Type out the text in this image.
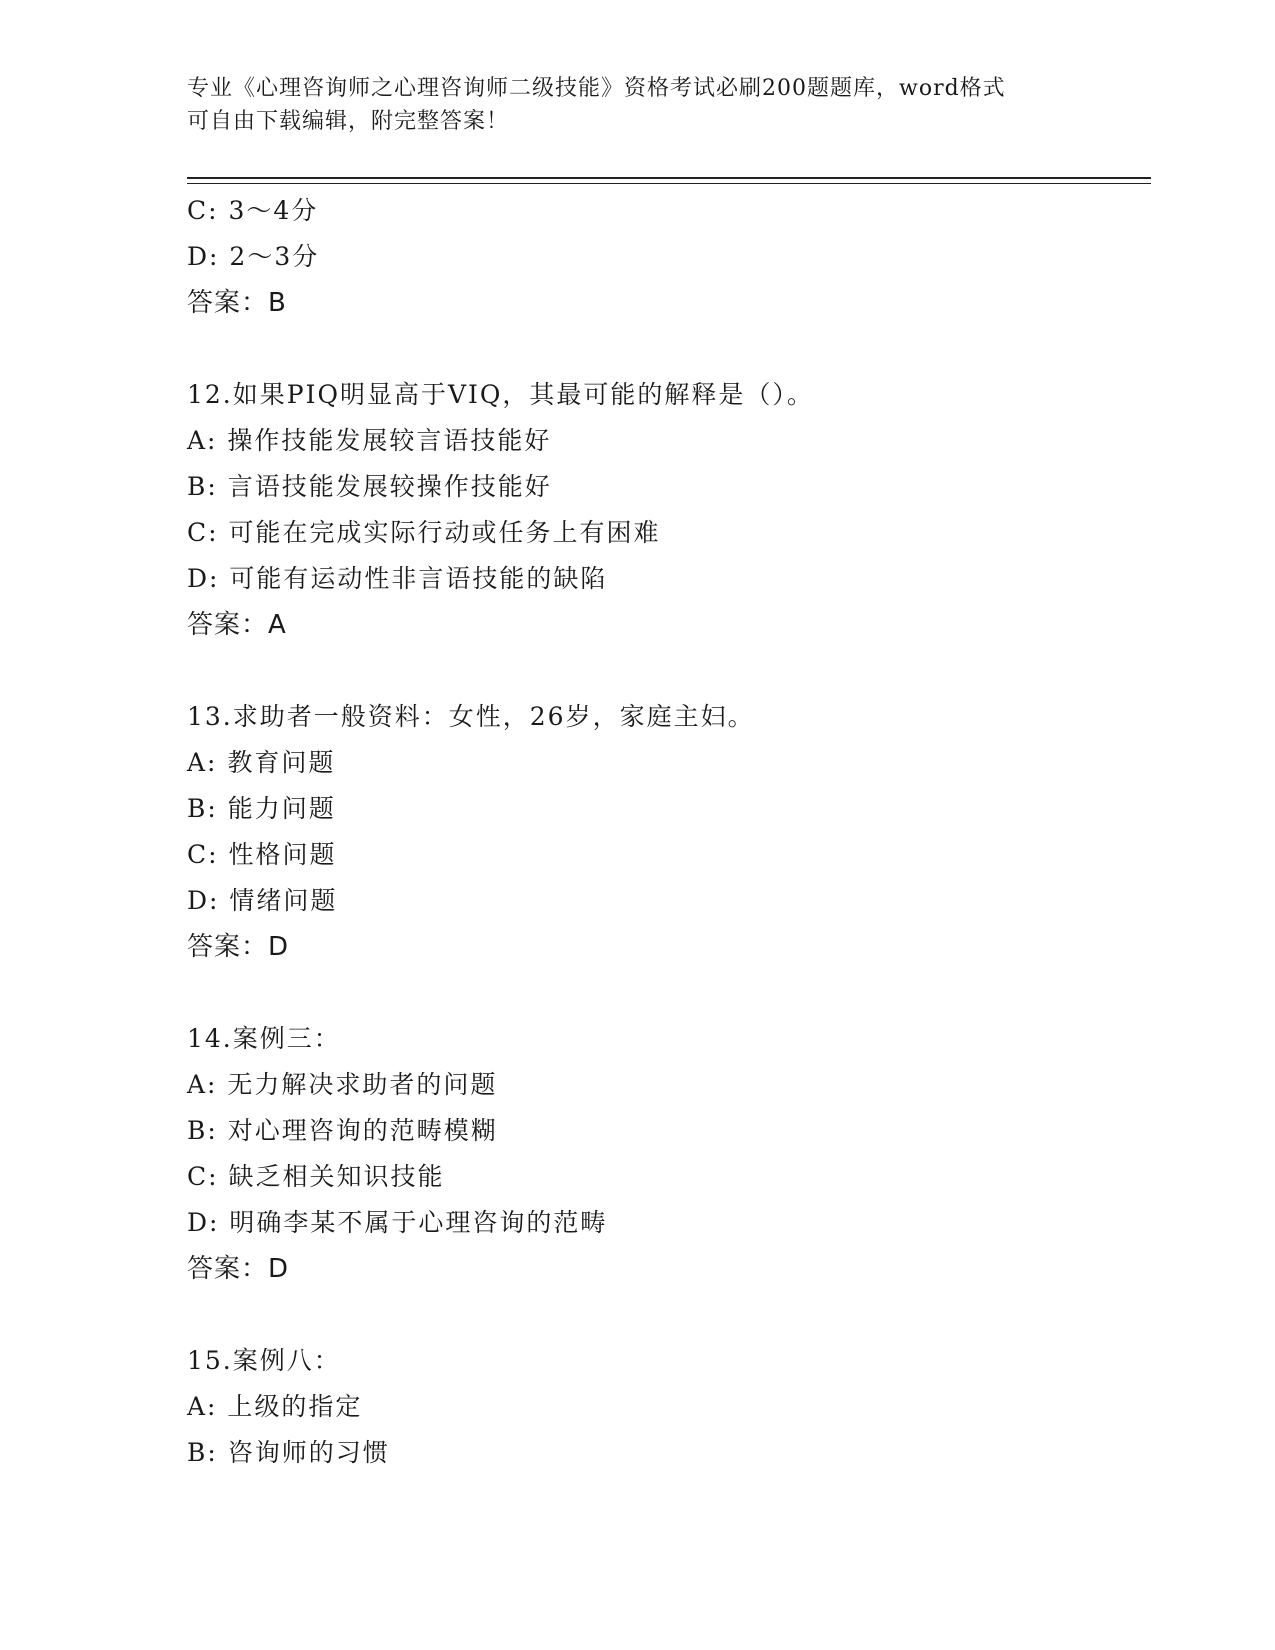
专业《心理咨询师之心理咨询师二级技能》资格考试必刷200题题库，word格式
可自由下载编辑，附完整答案！
C: 3～4分
D: 2～3分
答案：B
12.如果PIQ明显高于VIQ，其最可能的解释是（）。
A: 操作技能发展较言语技能好
B: 言语技能发展较操作技能好
C: 可能在完成实际行动或任务上有困难
D: 可能有运动性非言语技能的缺陷
答案：A
13.求助者一般资料：女性，26岁，家庭主妇。
A: 教育问题
B: 能力问题
C: 性格问题
D: 情绪问题
答案：D
14.案例三：
A: 无力解决求助者的问题
B: 对心理咨询的范畴模糊
C: 缺乏相关知识技能
D: 明确李某不属于心理咨询的范畴
答案：D
15.案例八：
A: 上级的指定
B: 咨询师的习惯
